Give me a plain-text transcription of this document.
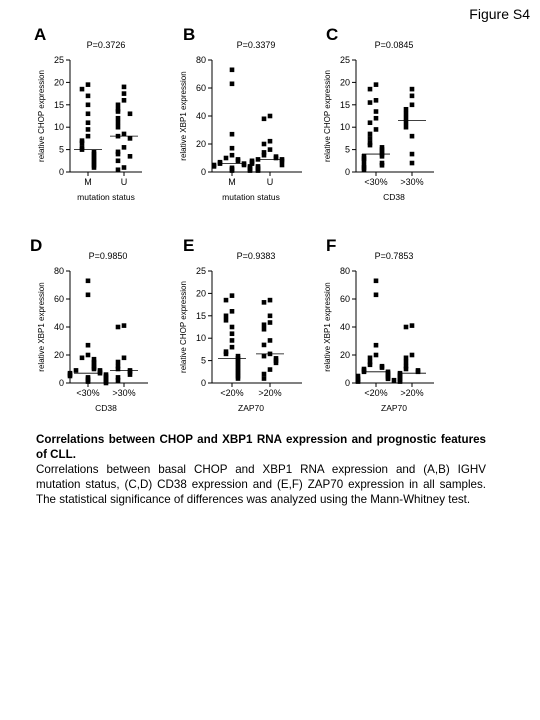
Figure S4
A
P=0.3726
0
5
10
15
20
25
relative CHOP expression
M	U
mutation status
B
P=0.3379
0
20
40
60
80
relative XBP1 expression
M	U
mutation status
C
P=0.0845
0
5
10
15
20
25
relative CHOP expression
<30% >30%
CD38
D
P=0.9850
0
20
40
60
80
relative XBP1 expression
<30% >30%
CD38
E
P=0.9383
0
5
10
15
20
25
relative CHOP expression
<20% >20%
ZAP70
F
P=0.7853
0
20
40
60
80
relative XBP1 expression
<20% >20%
ZAP70

Correlations between CHOP and XBP1 RNA expression and prognostic features of CLL.

Correlations between basal CHOP and XBP1 RNA expression and (A,B) IGHV mutation status, (C,D) CD38 expression and (E,F) ZAP70 expression in all samples. The statistical significance of differences was analyzed using the Mann-Whitney test.
